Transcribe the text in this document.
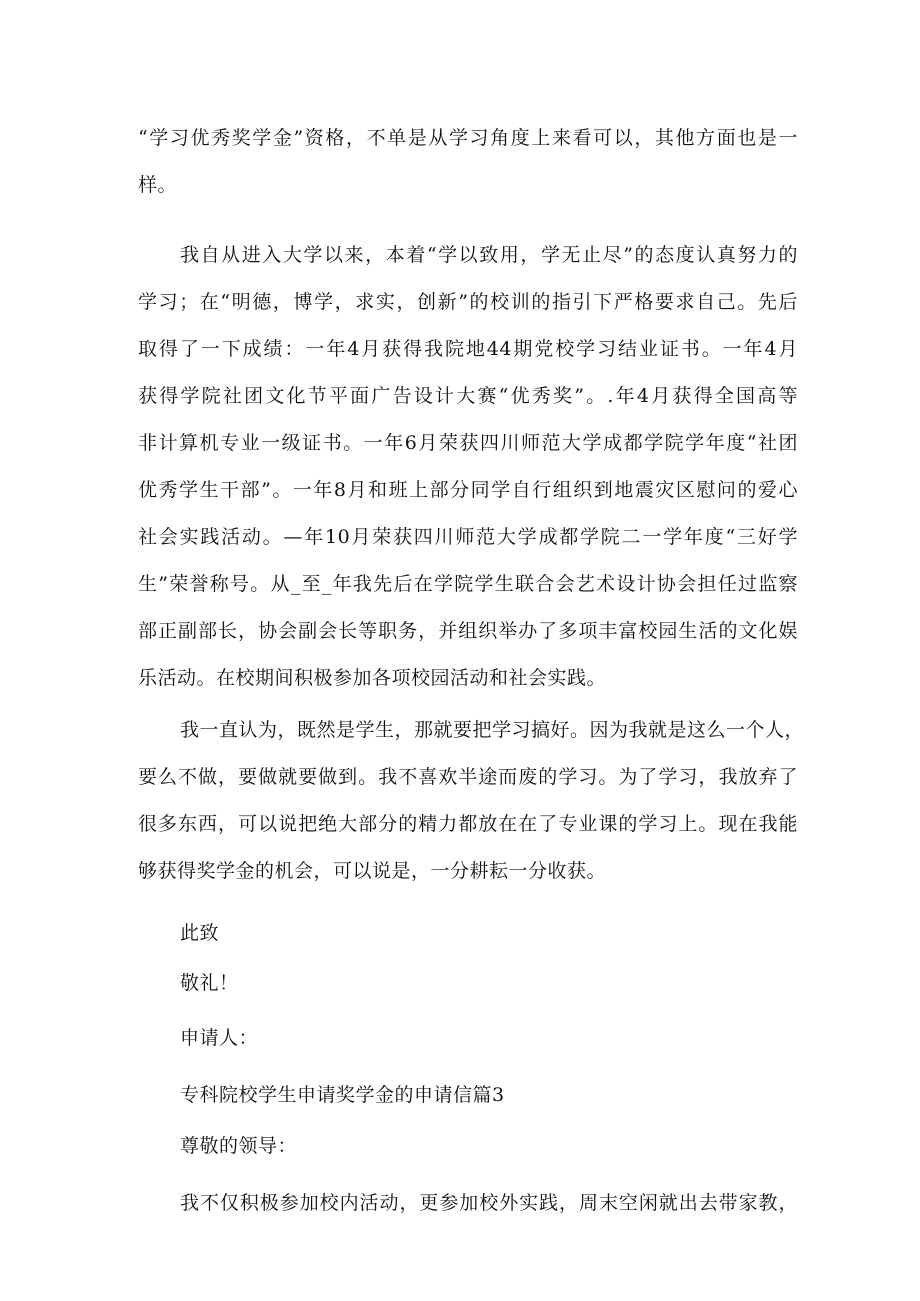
“学习优秀奖学金”资格，不单是从学习角度上来看可以，其他方面也是一
样。
我自从进入大学以来，本着“学以致用，学无止尽”的态度认真努力的
学习；在“明德，博学，求实，创新”的校训的指引下严格要求自己。先后
取得了一下成绩：一年4月获得我院地44期党校学习结业证书。一年4月
获得学院社团文化节平面广告设计大赛“优秀奖”。.年4月获得全国高等
非计算机专业一级证书。一年6月荣获四川师范大学成都学院学年度“社团
优秀学生干部”。一年8月和班上部分同学自行组织到地震灾区慰问的爱心
社会实践活动。—年10月荣获四川师范大学成都学院二一学年度“三好学
生”荣誉称号。从_至_年我先后在学院学生联合会艺术设计协会担任过监察
部正副部长，协会副会长等职务，并组织举办了多项丰富校园生活的文化娱
乐活动。在校期间积极参加各项校园活动和社会实践。
我一直认为，既然是学生，那就要把学习搞好。因为我就是这么一个人，
要么不做，要做就要做到。我不喜欢半途而废的学习。为了学习，我放弃了
很多东西，可以说把绝大部分的精力都放在在了专业课的学习上。现在我能
够获得奖学金的机会，可以说是，一分耕耘一分收获。
此致
敬礼！
申请人：
专科院校学生申请奖学金的申请信篇3
尊敬的领导：
我不仅积极参加校内活动，更参加校外实践，周末空闲就出去带家教，
